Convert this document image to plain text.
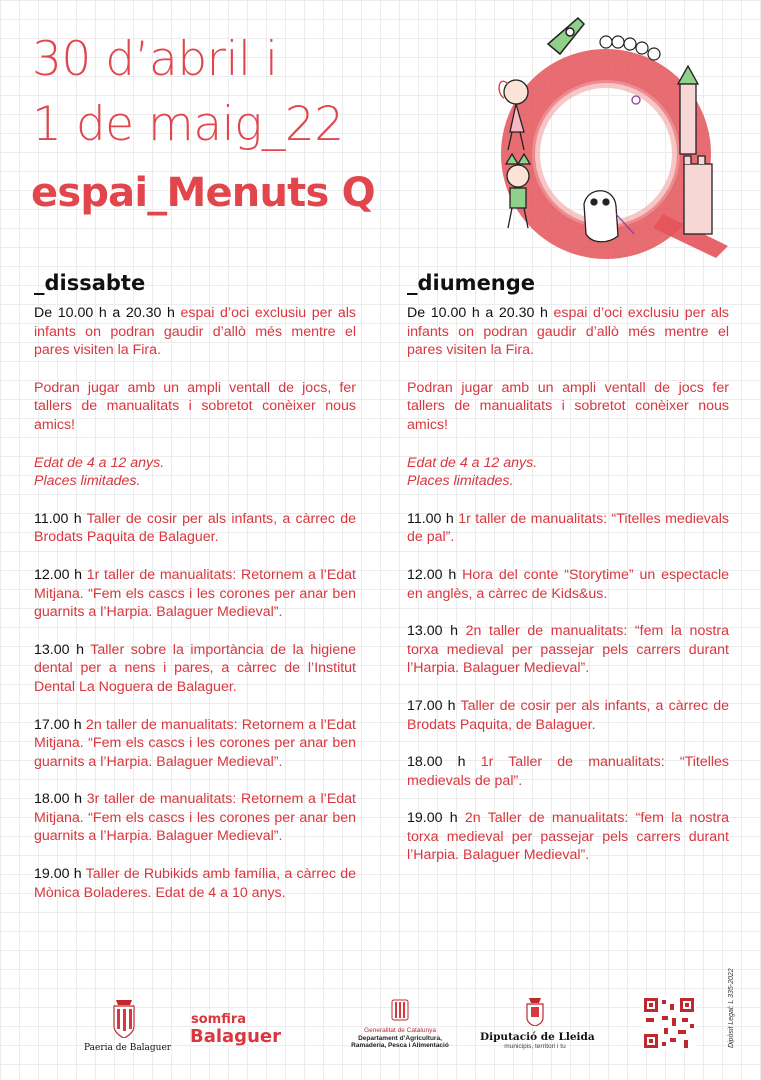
30 d’abril i
1 de maig_22
espai_Menuts Q
_dissabte

De 10.00 h a 20.30 h espai d’oci exclusiu per als infants on podran gaudir d’allò més mentre el pares visiten la Fira.

Podran jugar amb un ampli ventall de jocs, fer tallers de manualitats i sobretot conèixer nous amics!

Edat de 4 a 12 anys.
Places limitades.

11.00 h Taller de cosir per als infants, a càrrec de Brodats Paquita de Balaguer.

12.00 h 1r taller de manualitats: Retornem a l’Edat Mitjana. “Fem els cascs i les corones per anar ben guarnits a l’Harpia. Balaguer Medieval”.

13.00 h Taller sobre la importància de la higiene dental per a nens i pares, a càrrec de l’Institut Dental La Noguera de Balaguer.

17.00 h 2n taller de manualitats: Retornem a l’Edat Mitjana. “Fem els cascs i les corones per anar ben guarnits a l’Harpia. Balaguer Medieval”.

18.00 h 3r taller de manualitats: Retornem a l’Edat Mitjana. “Fem els cascs i les corones per anar ben guarnits a l’Harpia. Balaguer Medieval”.

19.00 h Taller de Rubikids amb família, a càrrec de Mònica Boladeres. Edat de 4 a 10 anys.

_diumenge

De 10.00 h a 20.30 h espai d’oci exclusiu per als infants on podran gaudir d’allò més mentre el pares visiten la Fira.

Podran jugar amb un ampli ventall de jocs fer tallers de manualitats i sobretot conèixer nous amics!

Edat de 4 a 12 anys.
Places limitades.

11.00 h 1r taller de manualitats: “Titelles medievals de pal”.

12.00 h Hora del conte “Storytime” un espectacle en anglès, a càrrec de Kids&us.

13.00 h 2n taller de manualitats: “fem la nostra torxa medieval per passejar pels carrers durant l’Harpia. Balaguer Medieval”.

17.00 h Taller de cosir per als infants, a càrrec de Brodats Paquita, de Balaguer.

18.00 h 1r Taller de manualitats: “Titelles medievals de pal”.

19.00 h 2n Taller de manualitats: “fem la nostra torxa medieval per passejar pels carrers durant l’Harpia. Balaguer Medieval”.

Dipòsit Legal: L 335-2022
Paeria de Balaguer
somfira
Balaguer	Generalitat de Catalunya
Departament d’Agricultura,
Ramaderia, Pesca i Alimentació
Diputació de Lleida
municipis, territori i tu
